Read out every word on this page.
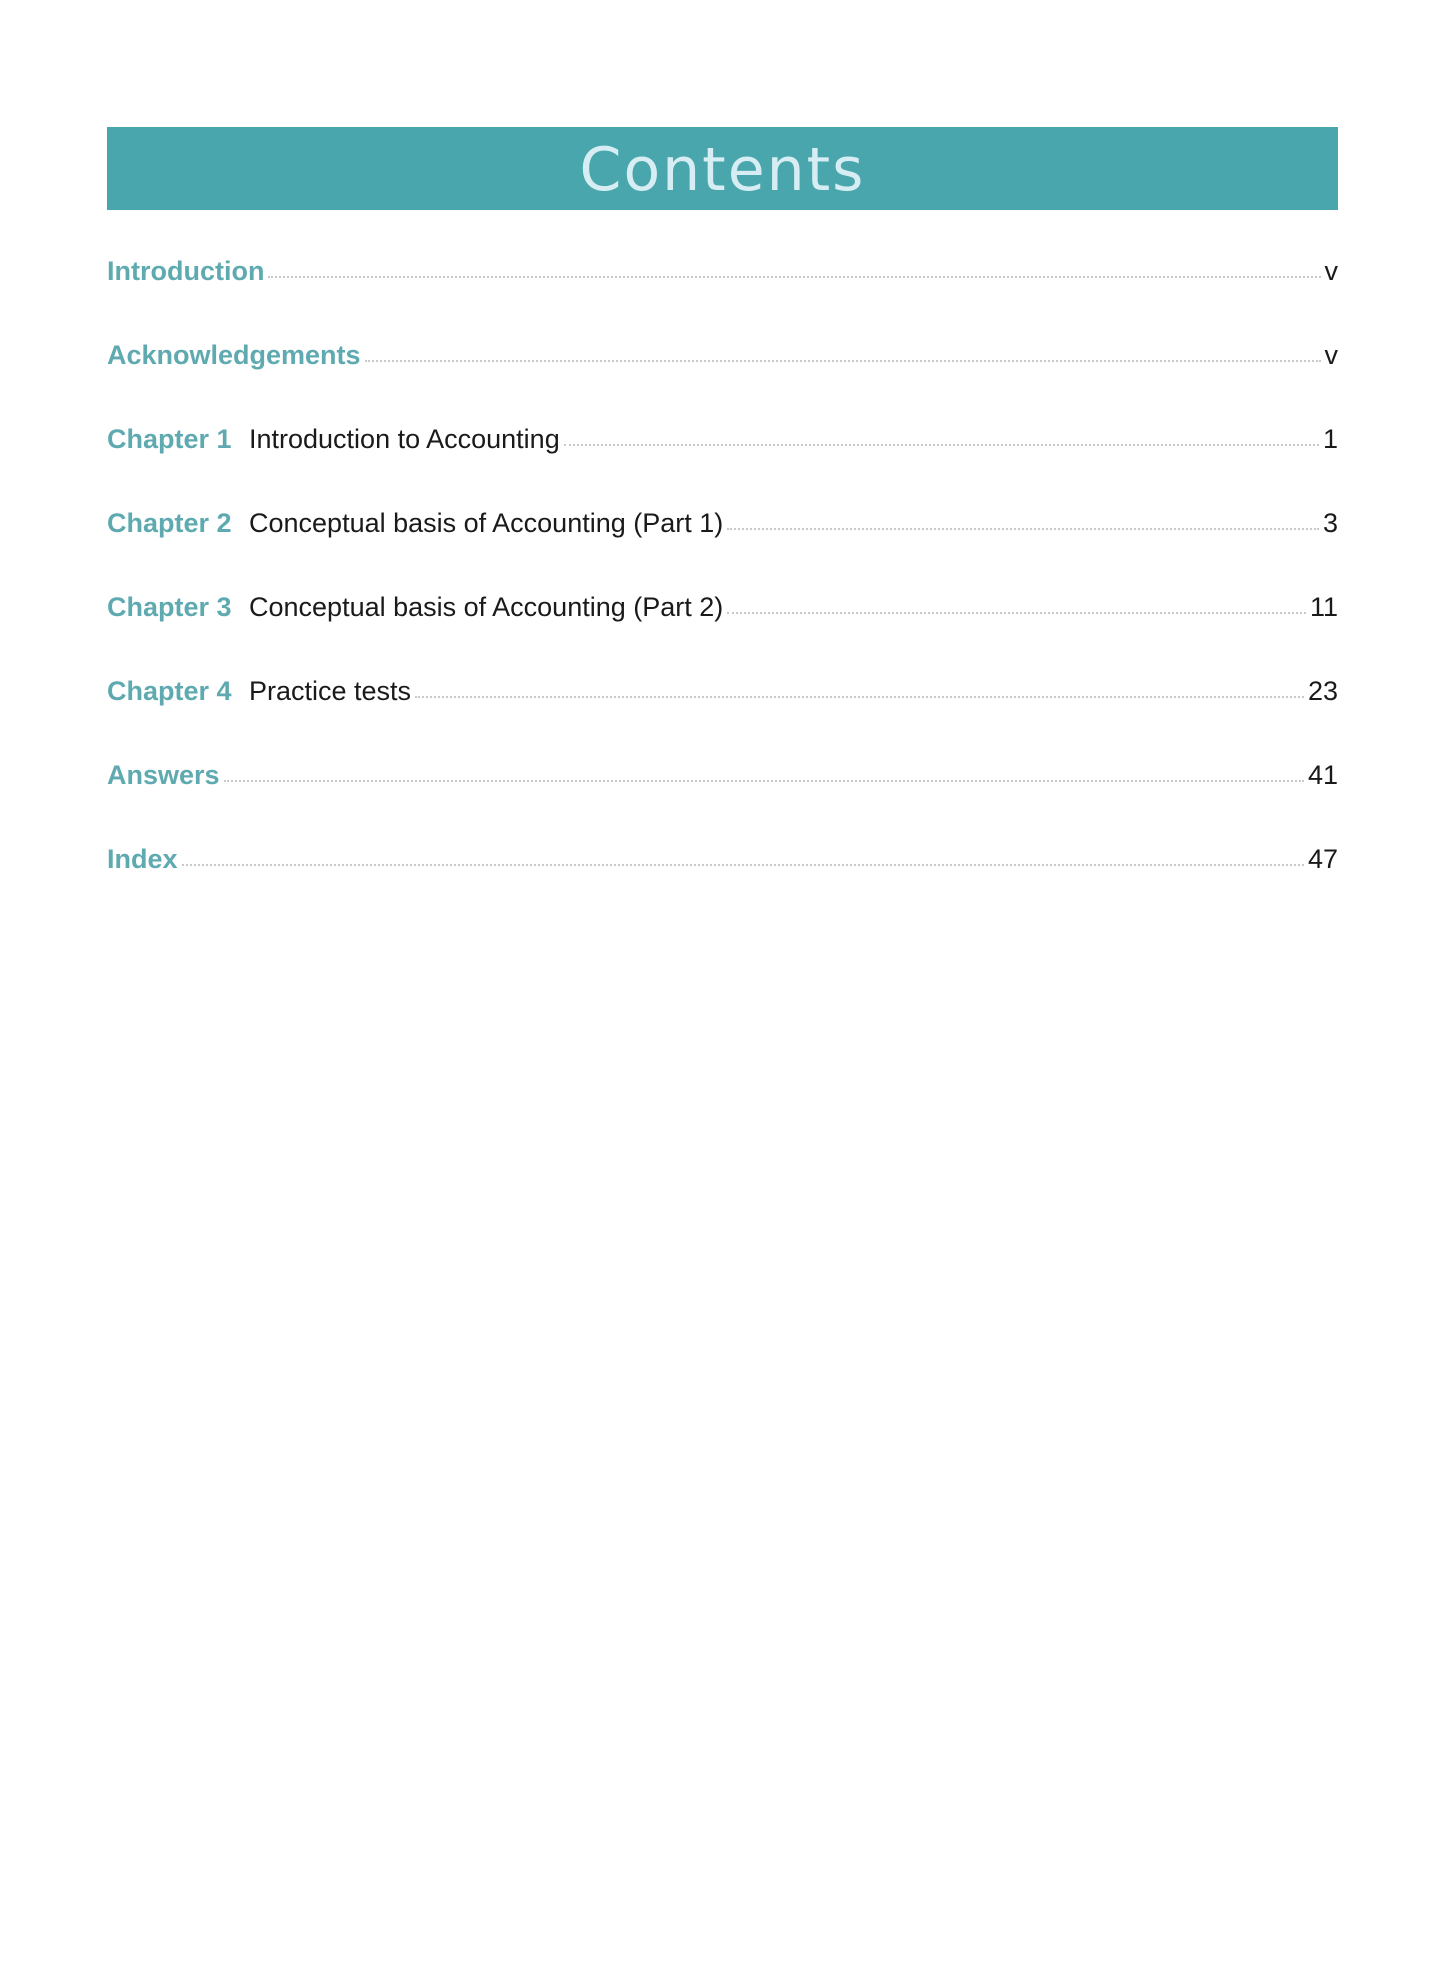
Contents
Introduction	v
Acknowledgements	v
Chapter 1 Introduction to Accounting	1
Chapter 2 Conceptual basis of Accounting (Part 1)	3
Chapter 3 Conceptual basis of Accounting (Part 2)	11
Chapter 4 Practice tests	23
Answers	41
Index	47
